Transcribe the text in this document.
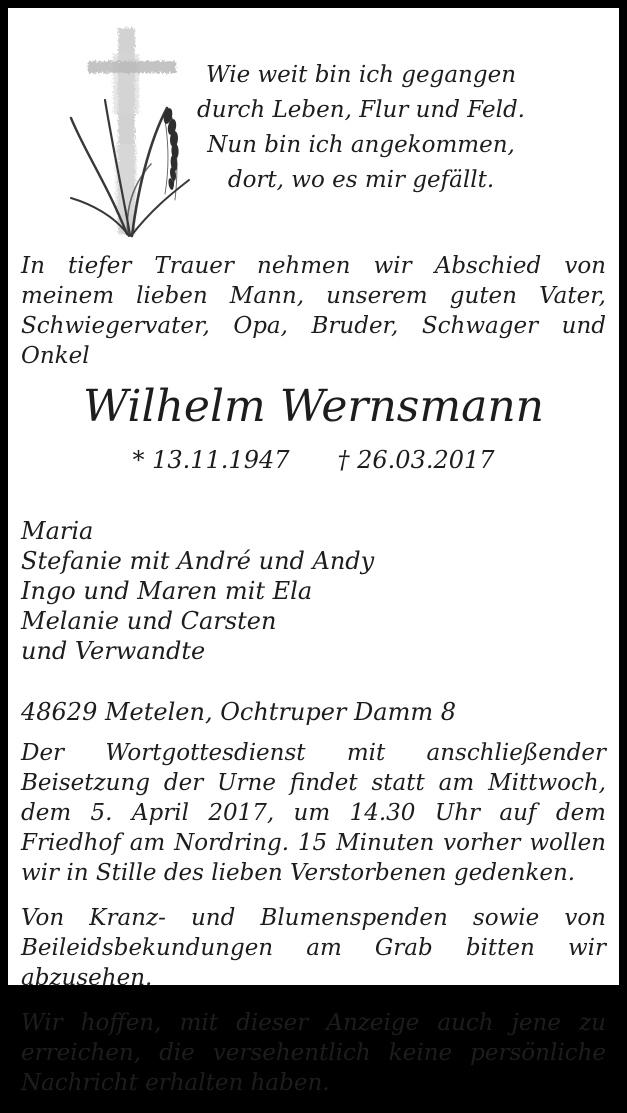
Wie weit bin ich gegangen
durch Leben, Flur und Feld.
Nun bin ich angekommen,
dort, wo es mir gefällt.
In tiefer Trauer nehmen wir Abschied von meinem lieben Mann, unserem guten Vater, Schwiegervater, Opa, Bruder, Schwager und Onkel
Wilhelm Wernsmann
* 13.11.1947 † 26.03.2017
Maria
Stefanie mit André und Andy
Ingo und Maren mit Ela
Melanie und Carsten
und Verwandte
48629 Metelen, Ochtruper Damm 8

Der Wortgottesdienst mit anschließender Beisetzung der Urne findet statt am Mittwoch, dem 5. April 2017, um 14.30 Uhr auf dem Friedhof am Nordring. 15 Minuten vorher wollen wir in Stille des lieben Verstorbenen gedenken.

Von Kranz- und Blumenspenden sowie von Beileidsbekundungen am Grab bitten wir abzusehen.

Wir hoffen, mit dieser Anzeige auch jene zu erreichen, die versehentlich keine persönliche Nachricht erhalten haben.
